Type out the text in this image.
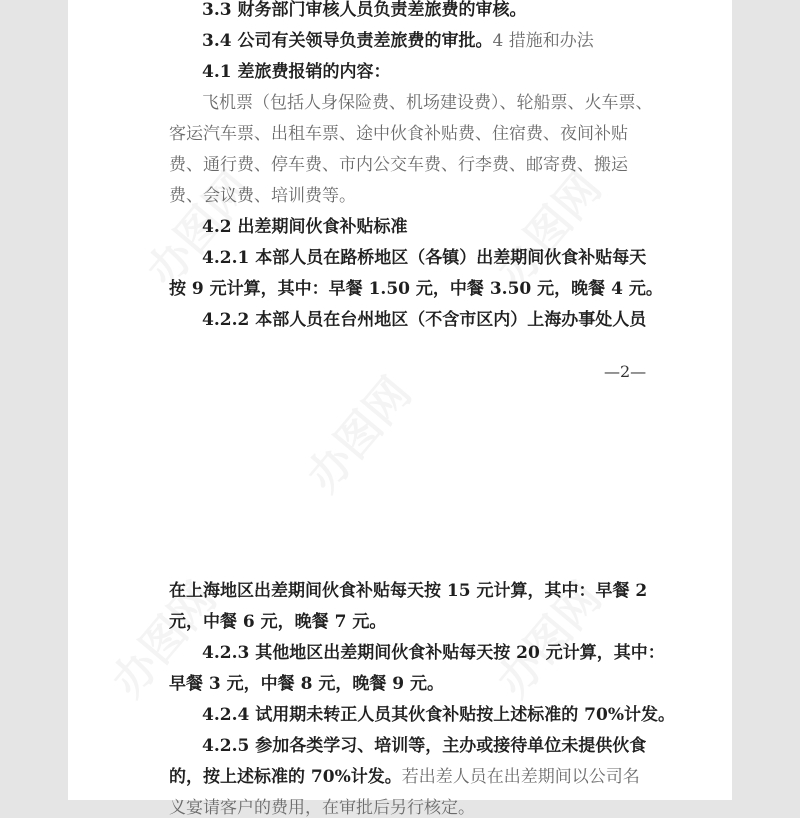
3.3 财务部门审核人员负责差旅费的审核。
3.4 公司有关领导负责差旅费的审批。4 措施和办法
4.1 差旅费报销的内容：
飞机票（包括人身保险费、机场建设费）、轮船票、火车票、
客运汽车票、出租车票、途中伙食补贴费、住宿费、夜间补贴
费、通行费、停车费、市内公交车费、行李费、邮寄费、搬运
费、会议费、培训费等。
4.2 出差期间伙食补贴标准
4.2.1 本部人员在路桥地区（各镇）出差期间伙食补贴每天
按 9 元计算，其中：早餐 1.50 元，中餐 3.50 元，晚餐 4 元。
4.2.2 本部人员在台州地区（不含市区内）上海办事处人员
—2—
在上海地区出差期间伙食补贴每天按 15 元计算，其中：早餐 2
元，中餐 6 元，晚餐 7 元。
4.2.3 其他地区出差期间伙食补贴每天按 20 元计算，其中：
早餐 3 元，中餐 8 元，晚餐 9 元。
4.2.4 试用期未转正人员其伙食补贴按上述标准的 70%计发。
4.2.5 参加各类学习、培训等，主办或接待单位未提供伙食
的，按上述标准的 70%计发。若出差人员在出差期间以公司名
义宴请客户的费用，在审批后另行核定。
